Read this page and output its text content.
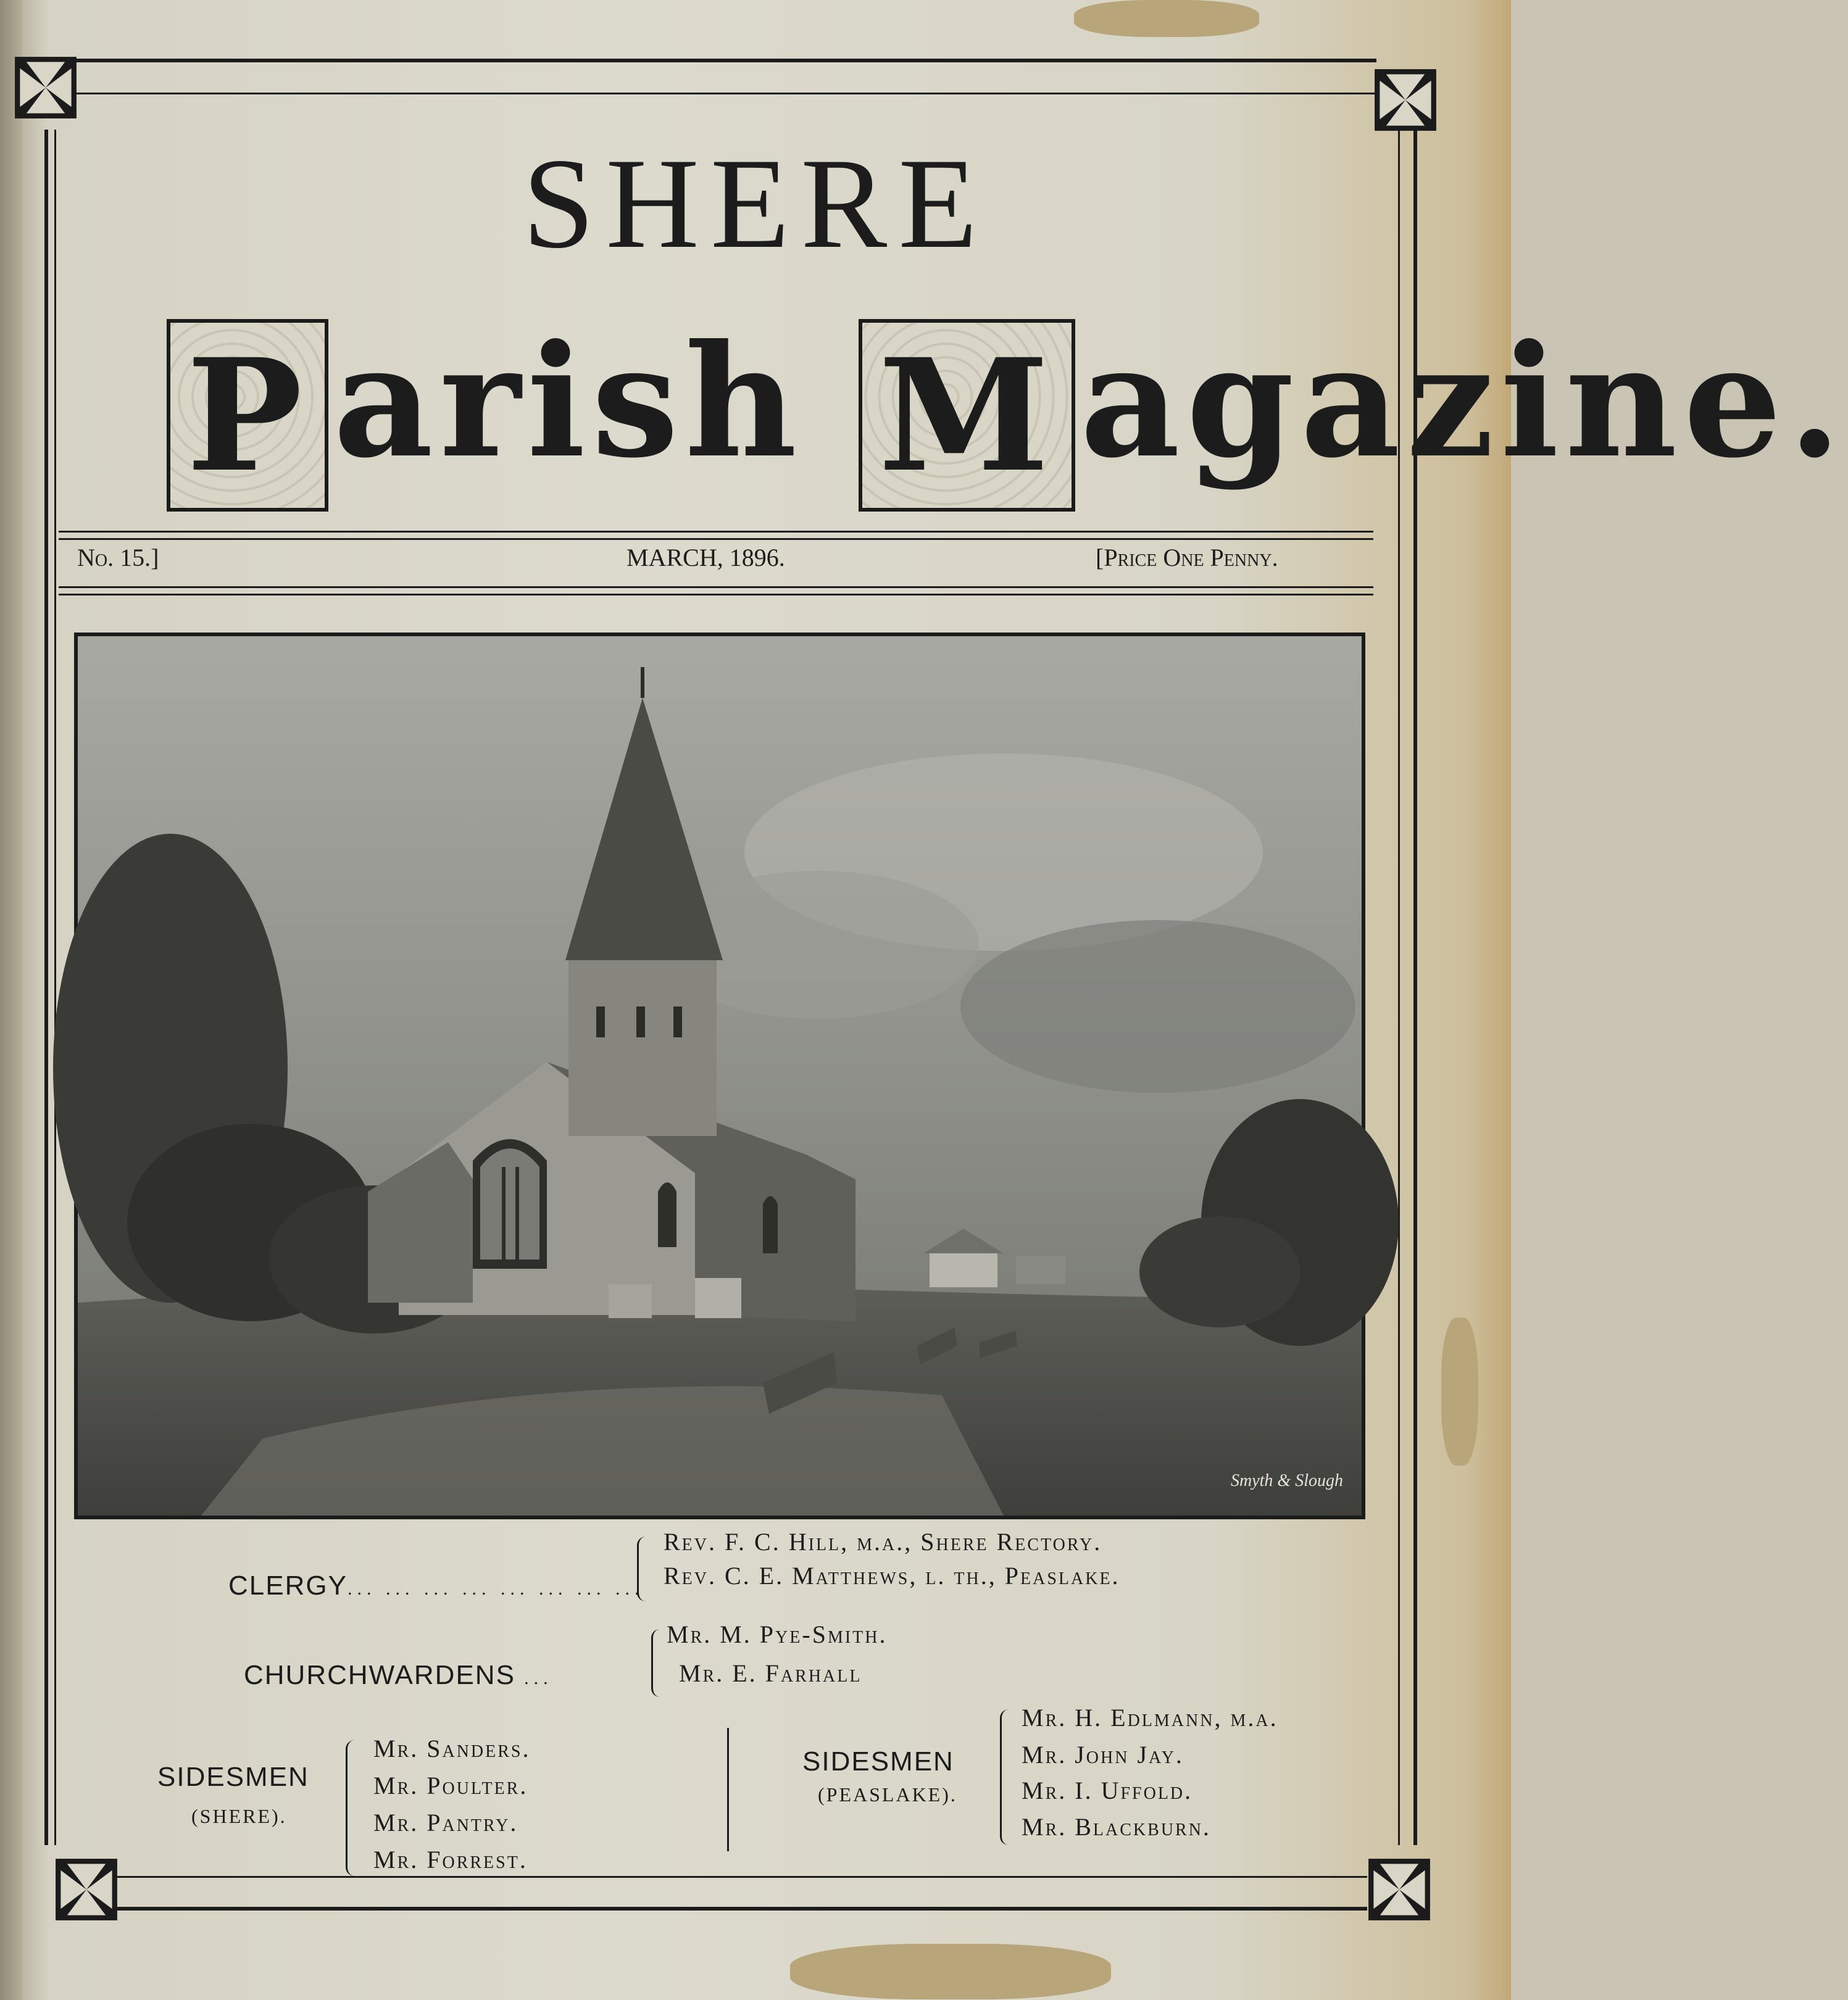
SHERE
P arish M agazine.
No. 15.]	MARCH, 1896.	[Price One Penny.
Smyth & Slough
CLERGY... ... ... ... ... ... ... ...
Rev. F. C. Hill, m.a., Shere Rectory.
Rev. C. E. Matthews, l. th., Peaslake.
CHURCHWARDENS ...
Mr. M. Pye-Smith.
Mr. E. Farhall
SIDESMEN
(SHERE).
Mr. Sanders.
Mr. Poulter.
Mr. Pantry.
Mr. Forrest.
SIDESMEN
(PEASLAKE).
Mr. H. Edlmann, m.a.
Mr. John Jay.
Mr. I. Uffold.
Mr. Blackburn.
